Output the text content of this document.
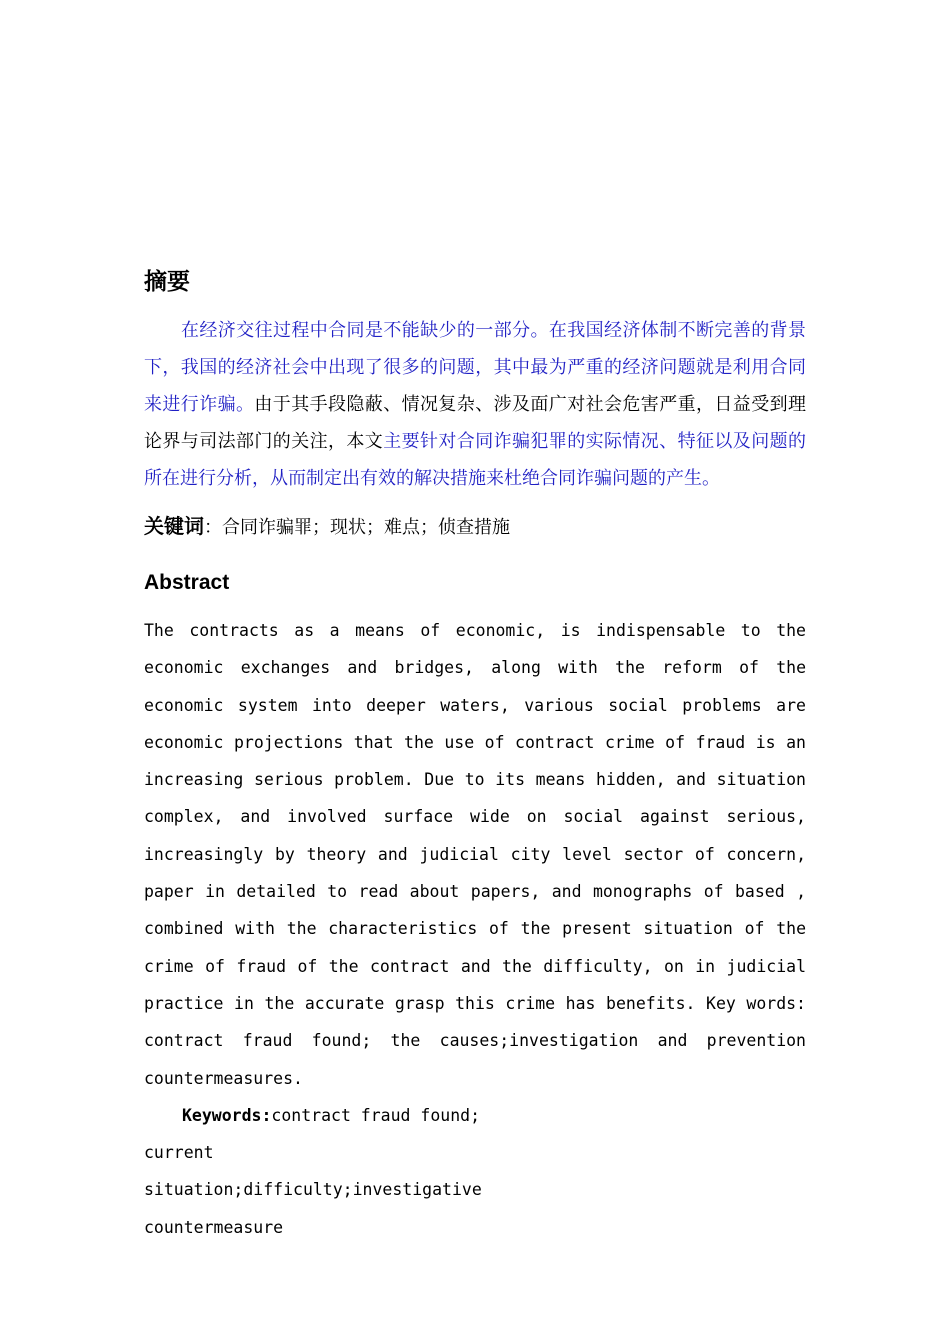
摘要

在经济交往过程中合同是不能缺少的一部分。在我国经济体制不断完善的背景下，我国的经济社会中出现了很多的问题，其中最为严重的经济问题就是利用合同来进行诈骗。由于其手段隐蔽、情况复杂、涉及面广对社会危害严重，日益受到理论界与司法部门的关注，本文主要针对合同诈骗犯罪的实际情况、特征以及问题的所在进行分析，从而制定出有效的解决措施来杜绝合同诈骗问题的产生。

关键词：合同诈骗罪；现状；难点；侦查措施
Abstract

The contracts as a means of economic, is indispensable to the economic exchanges and bridges, along with the reform of the economic system into deeper waters, various social problems are economic projections that the use of contract crime of fraud is an increasing serious problem. Due to its means hidden, and situation complex, and involved surface wide on social against serious, increasingly by theory and judicial city level sector of concern, paper in detailed to read about papers, and monographs of based , combined with the characteristics of the present situation of the crime of fraud of the contract and the difficulty, on in judicial practice in the accurate grasp this crime has benefits. Key words: contract fraud found; the causes;investigation and prevention countermeasures.

Keywords:contract fraud found; current situation;difficulty;investigative countermeasure
